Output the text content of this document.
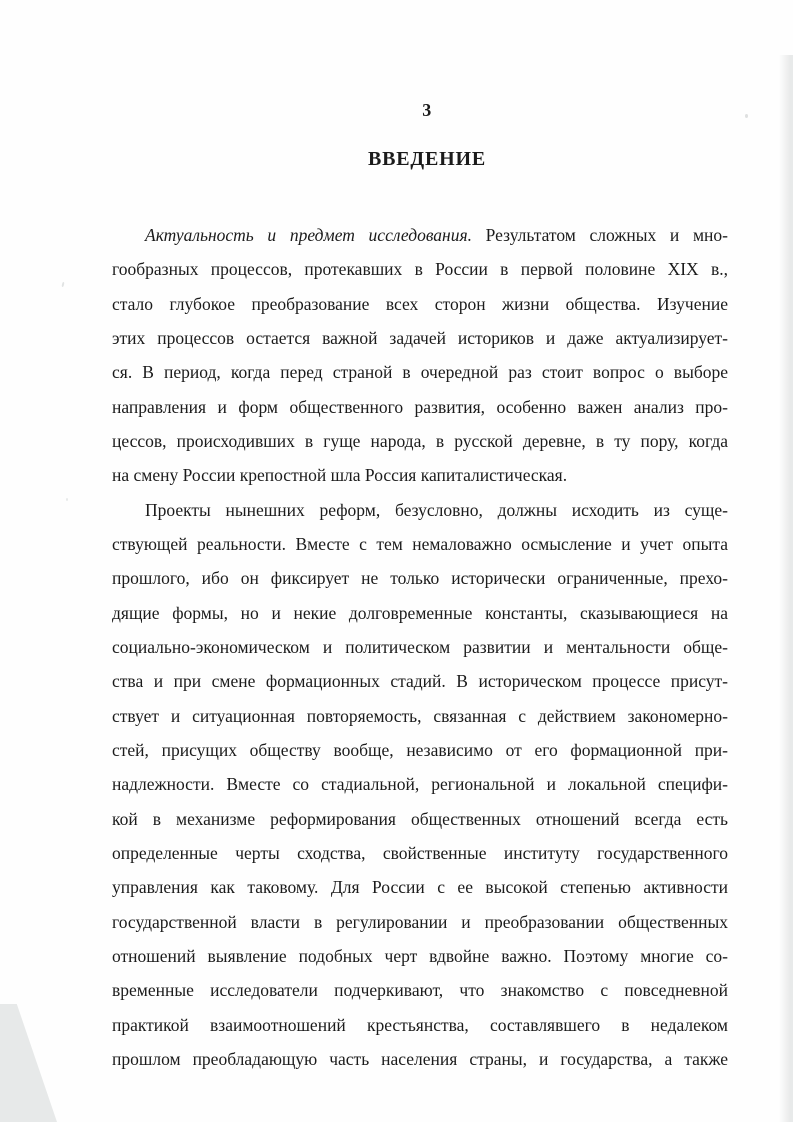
3
ВВЕДЕНИЕ
Актуальность и предмет исследования. Результатом сложных и мно-
гообразных процессов, протекавших в России в первой половине XIX в.,
стало глубокое преобразование всех сторон жизни общества. Изучение
этих процессов остается важной задачей историков и даже актуализирует-
ся. В период, когда перед страной в очередной раз стоит вопрос о выборе
направления и форм общественного развития, особенно важен анализ про-
цессов, происходивших в гуще народа, в русской деревне, в ту пору, когда
на смену России крепостной шла Россия капиталистическая.
Проекты нынешних реформ, безусловно, должны исходить из суще-
ствующей реальности. Вместе с тем немаловажно осмысление и учет опыта
прошлого, ибо он фиксирует не только исторически ограниченные, прехо-
дящие формы, но и некие долговременные константы, сказывающиеся на
социально-экономическом и политическом развитии и ментальности обще-
ства и при смене формационных стадий. В историческом процессе присут-
ствует и ситуационная повторяемость, связанная с действием закономерно-
стей, присущих обществу вообще, независимо от его формационной при-
надлежности. Вместе со стадиальной, региональной и локальной специфи-
кой в механизме реформирования общественных отношений всегда есть
определенные черты сходства, свойственные институту государственного
управления как таковому. Для России с ее высокой степенью активности
государственной власти в регулировании и преобразовании общественных
отношений выявление подобных черт вдвойне важно. Поэтому многие со-
временные исследователи подчеркивают, что знакомство с повседневной
практикой взаимоотношений крестьянства, составлявшего в недалеком
прошлом преобладающую часть населения страны, и государства, а также
